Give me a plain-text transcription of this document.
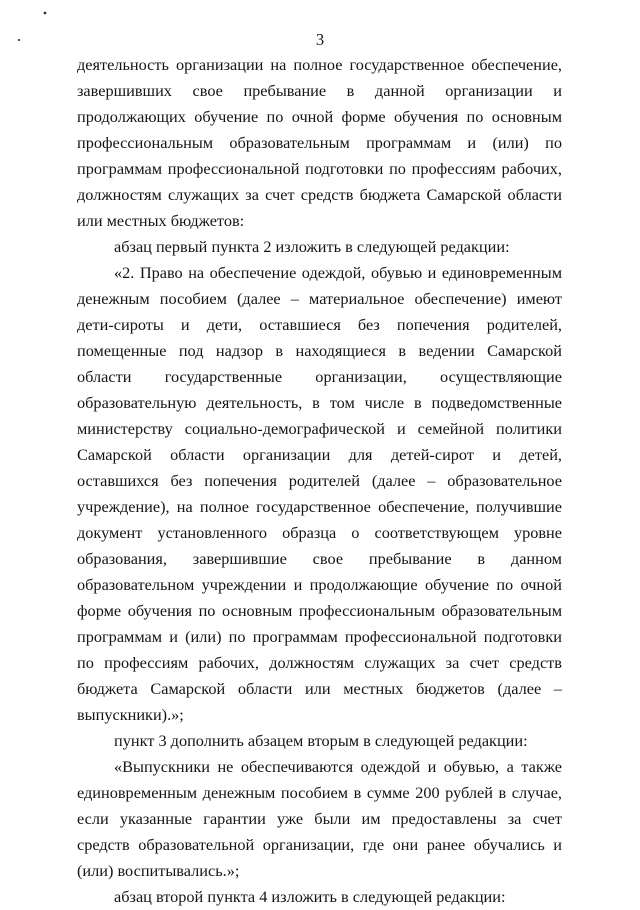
3

деятельность организации на полное государственное обеспечение, завершивших свое пребывание в данной организации и продолжающих обучение по очной форме обучения по основным профессиональным образовательным программам и (или) по программам профессиональной подготовки по профессиям рабочих, должностям служащих за счет средств бюджета Самарской области или местных бюджетов:

абзац первый пункта 2 изложить в следующей редакции:

«2. Право на обеспечение одеждой, обувью и единовременным денежным пособием (далее – материальное обеспечение) имеют дети-сироты и дети, оставшиеся без попечения родителей, помещенные под надзор в находящиеся в ведении Самарской области государственные организации, осуществляющие образовательную деятельность, в том числе в подведомственные министерству социально-демографической и семейной политики Самарской области организации для детей-сирот и детей, оставшихся без попечения родителей (далее – образовательное учреждение), на полное государственное обеспечение, получившие документ установленного образца о соответствующем уровне образования, завершившие свое пребывание в данном образовательном учреждении и продолжающие обучение по очной форме обучения по основным профессиональным образовательным программам и (или) по программам профессиональной подготовки по профессиям рабочих, должностям служащих за счет средств бюджета Самарской области или местных бюджетов (далее – выпускники).»;

пункт 3 дополнить абзацем вторым в следующей редакции:

«Выпускники не обеспечиваются одеждой и обувью, а также единовременным денежным пособием в сумме 200 рублей в случае, если указанные гарантии уже были им предоставлены за счет средств образовательной организации, где они ранее обучались и (или) воспитывались.»;

абзац второй пункта 4 изложить в следующей редакции:
